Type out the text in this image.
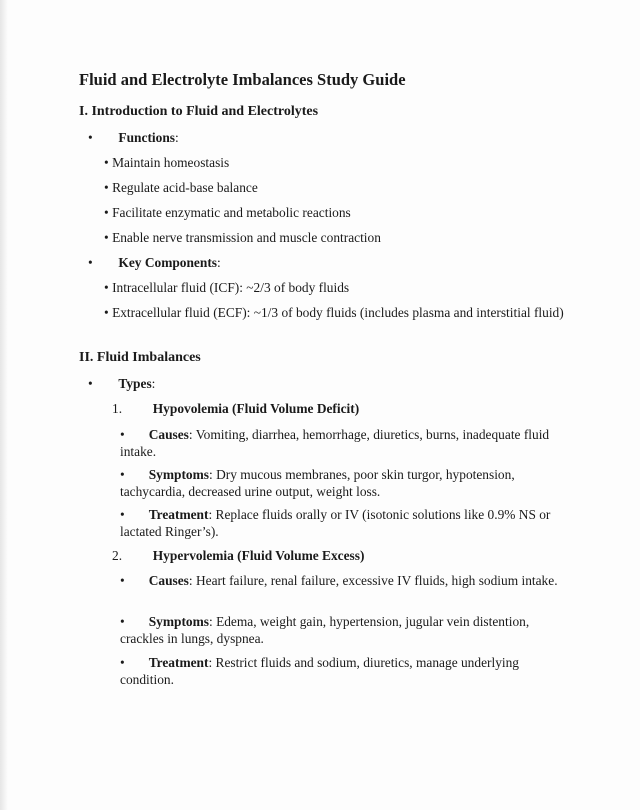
Fluid and Electrolyte Imbalances Study Guide
I. Introduction to Fluid and Electrolytes
• Functions:
• Maintain homeostasis
• Regulate acid-base balance
• Facilitate enzymatic and metabolic reactions
• Enable nerve transmission and muscle contraction
• Key Components:
• Intracellular fluid (ICF): ~2/3 of body fluids
• Extracellular fluid (ECF): ~1/3 of body fluids (includes plasma and interstitial fluid)
II. Fluid Imbalances
• Types:
1. Hypovolemia (Fluid Volume Deficit)
• Causes: Vomiting, diarrhea, hemorrhage, diuretics, burns, inadequate fluid intake.
• Symptoms: Dry mucous membranes, poor skin turgor, hypotension, tachycardia, decreased urine output, weight loss.
• Treatment: Replace fluids orally or IV (isotonic solutions like 0.9% NS or lactated Ringer’s).
2. Hypervolemia (Fluid Volume Excess)
• Causes: Heart failure, renal failure, excessive IV fluids, high sodium intake.
• Symptoms: Edema, weight gain, hypertension, jugular vein distention, crackles in lungs, dyspnea.
• Treatment: Restrict fluids and sodium, diuretics, manage underlying condition.
